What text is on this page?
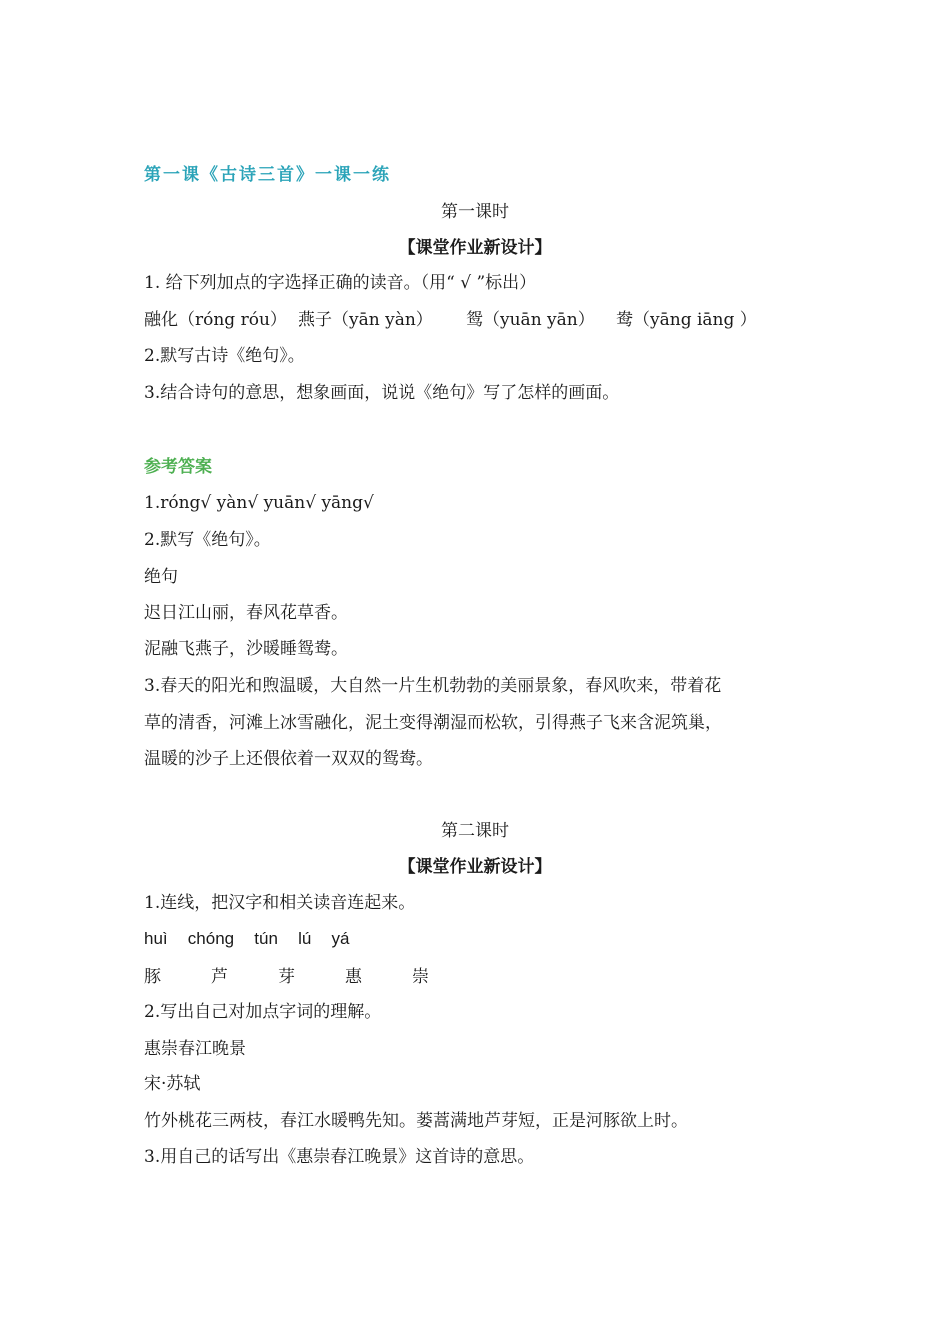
第一课《古诗三首》一课一练
第一课时
【课堂作业新设计】
1. 给下列加点的字选择正确的读音。（用“ √ ”标出）
融化（róng róu） 燕子（yān yàn） 鸳（yuān yān） 鸯（yāng iāng ）
2.默写古诗《绝句》。
3.结合诗句的意思，想象画面，说说《绝句》写了怎样的画面。
参考答案
1.róng√ yàn√ yuān√ yāng√
2.默写《绝句》。
绝句
迟日江山丽，春风花草香。
泥融飞燕子，沙暖睡鸳鸯。
3.春天的阳光和煦温暖，大自然一片生机勃勃的美丽景象，春风吹来，带着花
草的清香，河滩上冰雪融化，泥土变得潮湿而松软，引得燕子飞来含泥筑巢，
温暖的沙子上还偎依着一双双的鸳鸯。
第二课时
【课堂作业新设计】
1.连线，把汉字和相关读音连起来。
huì   chóng   tún   lú   yá
豚	芦	芽	惠	崇
2.写出自己对加点字词的理解。
惠崇春江晚景
宋·苏轼
竹外桃花三两枝，春江水暖鸭先知。蒌蒿满地芦芽短，正是河豚欲上时。
3.用自己的话写出《惠崇春江晚景》这首诗的意思。
